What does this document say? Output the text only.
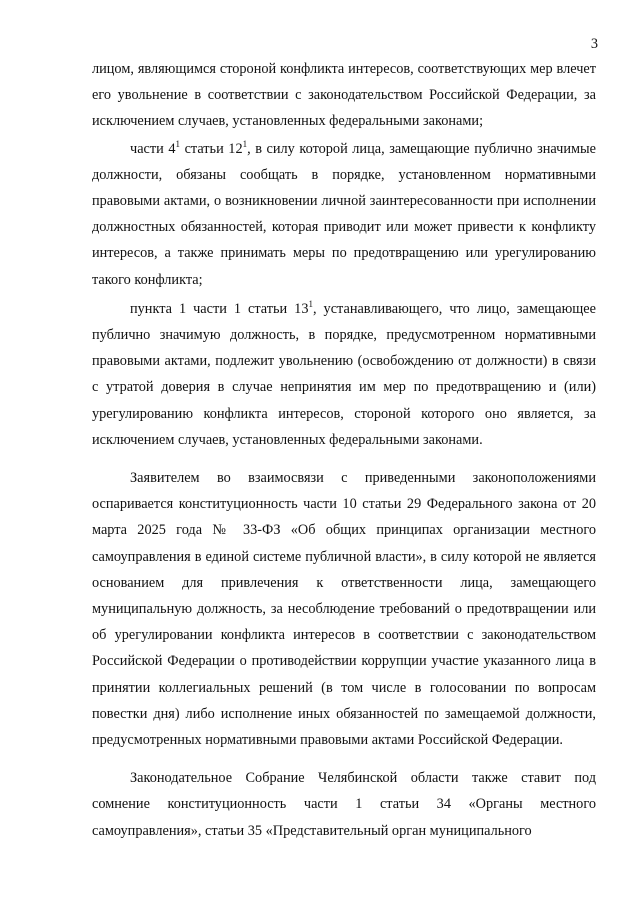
3

лицом, являющимся стороной конфликта интересов, соответствующих мер влечет его увольнение в соответствии с законодательством Российской Федерации, за исключением случаев, установленных федеральными законами;

части $4^1$ статьи $12^1$, в силу которой лица, замещающие публично значимые должности, обязаны сообщать в порядке, установленном нормативными правовыми актами, о возникновении личной заинтересованности при исполнении должностных обязанностей, которая приводит или может привести к конфликту интересов, а также принимать меры по предотвращению или урегулированию такого конфликта;

пункта 1 части 1 статьи $13^1$, устанавливающего, что лицо, замещающее публично значимую должность, в порядке, предусмотренном нормативными правовыми актами, подлежит увольнению (освобождению от должности) в связи с утратой доверия в случае непринятия им мер по предотвращению и (или) урегулированию конфликта интересов, стороной которого оно является, за исключением случаев, установленных федеральными законами.

Заявителем во взаимосвязи с приведенными законоположениями оспаривается конституционность части 10 статьи 29 Федерального закона от 20 марта 2025 года № 33-ФЗ «Об общих принципах организации местного самоуправления в единой системе публичной власти», в силу которой не является основанием для привлечения к ответственности лица, замещающего муниципальную должность, за несоблюдение требований о предотвращении или об урегулировании конфликта интересов в соответствии с законодательством Российской Федерации о противодействии коррупции участие указанного лица в принятии коллегиальных решений (в том числе в голосовании по вопросам повестки дня) либо исполнение иных обязанностей по замещаемой должности, предусмотренных нормативными правовыми актами Российской Федерации.

Законодательное Собрание Челябинской области также ставит под сомнение конституционность части 1 статьи 34 «Органы местного самоуправления», статьи 35 «Представительный орган муниципального
